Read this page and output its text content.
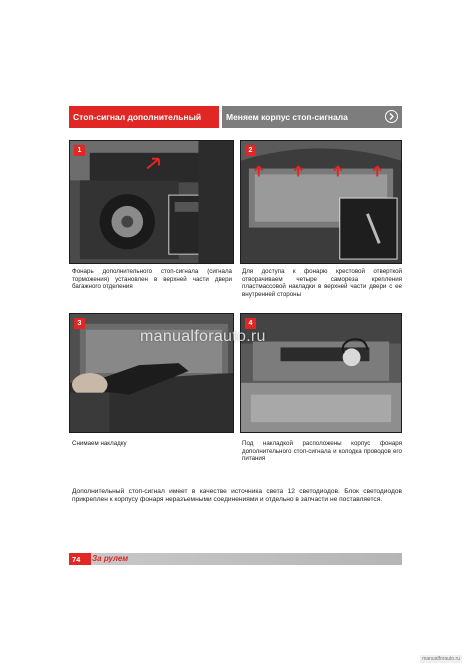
Стоп-сигнал дополнительный	Меняем корпус стоп-сигнала
1	2
3	4
manualforauto.ru
Фонарь дополнительного стоп-сигнала (сигнала торможения) установлен в верхней части двери багажного отделения
Для доступа к фонарю крестовой отверткой отворачиваем четыре самореза крепления пластмассовой накладки в верхней части двери с ее внутренней стороны
Снимаем накладку	Под накладкой расположены корпус фонаря дополнительного стоп-сигнала и колодка проводов его питания
Дополнительный стоп-сигнал имеет в качестве источника света 12 светодиодов. Блок светодиодов прикреплен к корпусу фонаря неразъемными соединениями и отдельно в запчасти не поставляется.
74	За рулем
manualforauto.ru
